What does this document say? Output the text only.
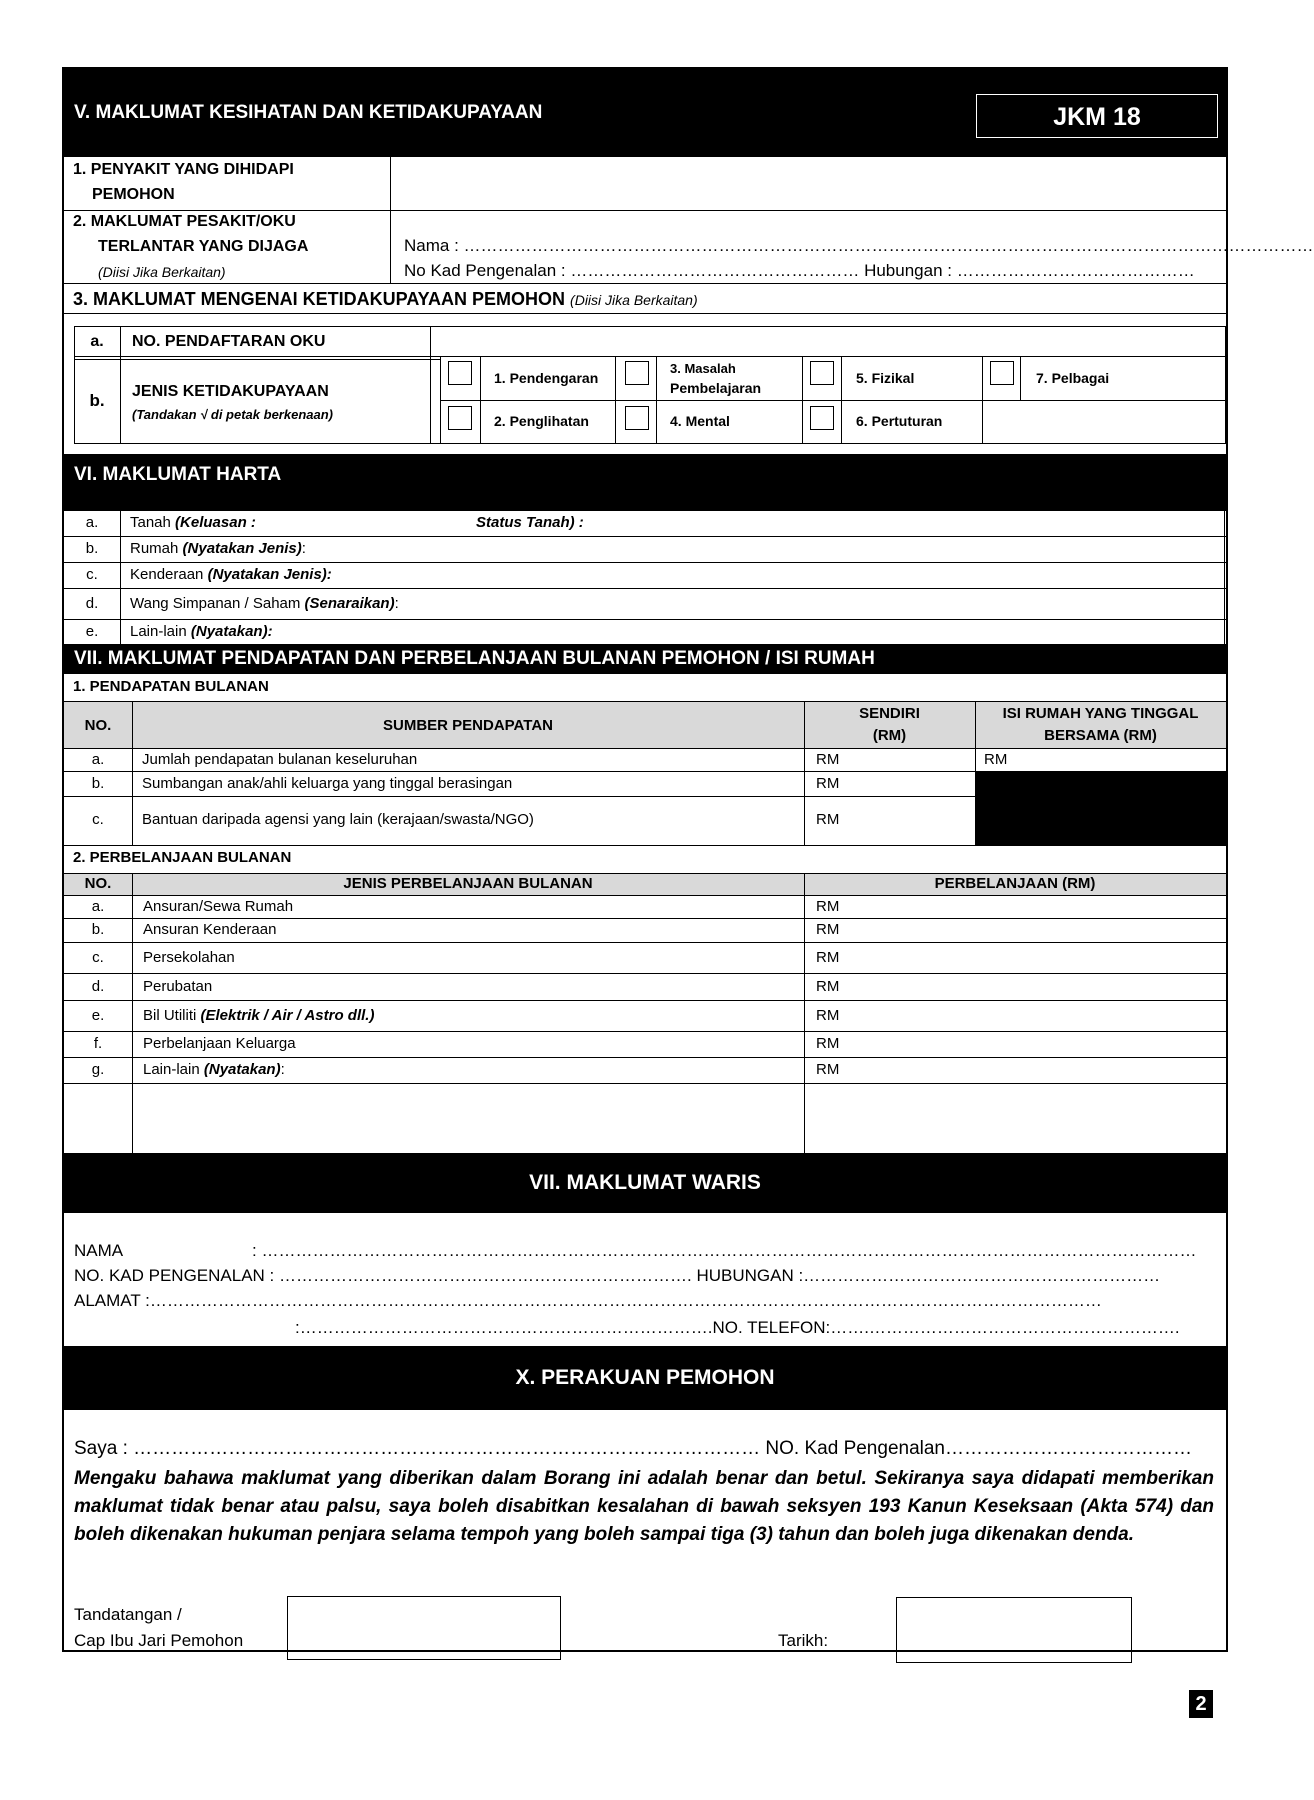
V. MAKLUMAT KESIHATAN DAN KETIDAKUPAYAAN	JKM 18
1. PENYAKIT YANG DIHIDAPI
PEMOHON
2. MAKLUMAT PESAKIT/OKU
TERLANTAR YANG DIJAGA
(Diisi Jika Berkaitan)
Nama : ……………………………………………………………………………………………………………………………………
No Kad Pengenalan : …………………………………………… Hubungan : ……………………………………
3. MAKLUMAT MENGENAI KETIDAKUPAYAAN PEMOHON (Diisi Jika Berkaitan)
a.	NO. PENDAFTARAN OKU
b.	JENIS KETIDAKUPAYAAN
(Tandakan √ di petak berkenaan)
1. Pendengaran
2. Penglihatan
3. Masalah
Pembelajaran
4. Mental
5. Fizikal
6. Pertuturan
7. Pelbagai
VI. MAKLUMAT HARTA
a.	Tanah (Keluasan :	Status Tanah) :
b.	Rumah (Nyatakan Jenis):
c.	Kenderaan (Nyatakan Jenis):
d.	Wang Simpanan / Saham (Senaraikan):
e.	Lain-lain (Nyatakan):
VII. MAKLUMAT PENDAPATAN DAN PERBELANJAAN BULANAN PEMOHON / ISI RUMAH
1. PENDAPATAN BULANAN
NO.	SUMBER PENDAPATAN
SENDIRI
(RM)
ISI RUMAH YANG TINGGAL
BERSAMA (RM)
a.	Jumlah pendapatan bulanan keseluruhan	RM	RM
b.	Sumbangan anak/ahli keluarga yang tinggal berasingan	RM
c.	Bantuan daripada agensi yang lain (kerajaan/swasta/NGO)	RM
2. PERBELANJAAN BULANAN
NO.	JENIS PERBELANJAAN BULANAN	PERBELANJAAN (RM)
a.	Ansuran/Sewa Rumah	RM
b.	Ansuran Kenderaan	RM
c.	Persekolahan	RM
d.	Perubatan	RM
e.	Bil Utiliti (Elektrik / Air / Astro dll.)	RM
f.	Perbelanjaan Keluarga	RM
g.	Lain-lain (Nyatakan):	RM
VII. MAKLUMAT WARIS
NAMA	: …………………………………………………………………………………………………………………………………………………
NO. KAD PENGENALAN : ………………………………………………………………. HUBUNGAN :………………………………………………………
ALAMAT :……………………………………………………………………………………………………………………………………………………
:……………………………………………………………….NO. TELEFON:…….……………………………………………….
X. PERAKUAN PEMOHON
Saya : ……………………………………………………………………………………… NO. Kad Pengenalan…………………………………
Mengaku bahawa maklumat yang diberikan dalam Borang ini adalah benar dan betul. Sekiranya saya didapati memberikan maklumat tidak benar atau palsu, saya boleh disabitkan kesalahan di bawah seksyen 193 Kanun Keseksaan (Akta 574) dan boleh dikenakan hukuman penjara selama tempoh yang boleh sampai tiga (3) tahun dan boleh juga dikenakan denda.
Tandatangan /
Cap Ibu Jari Pemohon	Tarikh:
2
